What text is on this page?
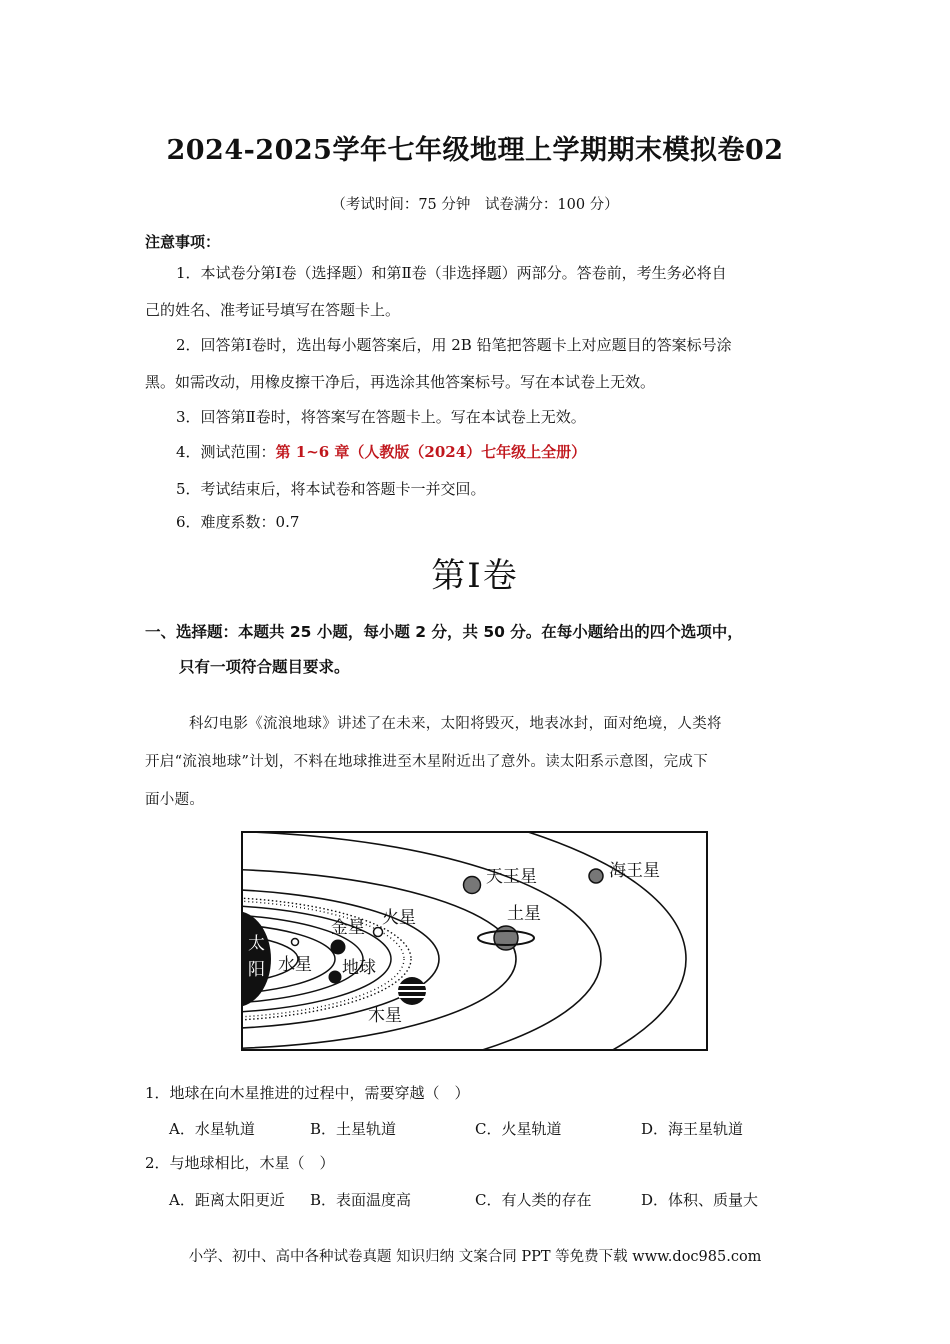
2024-2025学年七年级地理上学期期末模拟卷02
（考试时间：75 分钟　试卷满分：100 分）
注意事项：
1．本试卷分第Ⅰ卷（选择题）和第Ⅱ卷（非选择题）两部分。答卷前，考生务必将自
己的姓名、准考证号填写在答题卡上。
2．回答第Ⅰ卷时，选出每小题答案后，用 2B 铅笔把答题卡上对应题目的答案标号涂
黑。如需改动，用橡皮擦干净后，再选涂其他答案标号。写在本试卷上无效。
3．回答第Ⅱ卷时，将答案写在答题卡上。写在本试卷上无效。
4．测试范围：第 1~6 章（人教版（2024）七年级上全册）
5．考试结束后，将本试卷和答题卡一并交回。
6．难度系数：0.7
第Ⅰ卷
一、选择题：本题共 25 小题，每小题 2 分，共 50 分。在每小题给出的四个选项中，
只有一项符合题目要求。
科幻电影《流浪地球》讲述了在未来，太阳将毁灭，地表冰封，面对绝境，人类将
开启“流浪地球”计划，不料在地球推进至木星附近出了意外。读太阳系示意图，完成下
面小题。
太
阳 水星
金星
地球
火星
木星
土星
天王星	海王星
1．地球在向木星推进的过程中，需要穿越（　）
A．水星轨道	B．土星轨道	C．火星轨道	D．海王星轨道
2．与地球相比，木星（　）
A．距离太阳更近 B．表面温度高	C．有人类的存在	D．体积、质量大
小学、初中、高中各种试卷真题 知识归纳 文案合同 PPT 等免费下载 www.doc985.com
